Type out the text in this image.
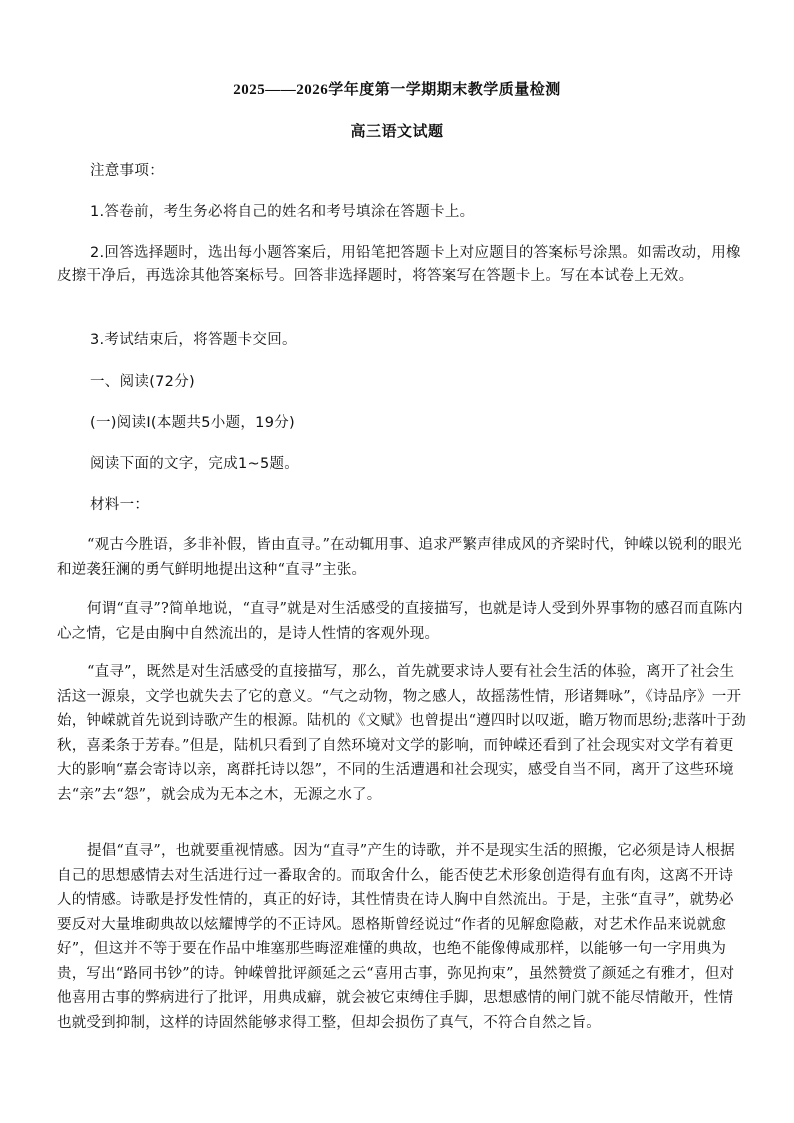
2025——2026学年度第一学期期末教学质量检测
高三语文试题

注意事项：

1.答卷前，考生务必将自己的姓名和考号填涂在答题卡上。

2.回答选择题时，选出每小题答案后，用铅笔把答题卡上对应题目的答案标号涂黑。如需改动，用橡皮擦干净后，再选涂其他答案标号。回答非选择题时，将答案写在答题卡上。写在本试卷上无效。

3.考试结束后，将答题卡交回。

一、阅读(72分)

(一)阅读Ⅰ(本题共5小题，19分)

阅读下面的文字，完成1~5题。

材料一：

“观古今胜语，多非补假，皆由直寻。”在动辄用事、追求严繁声律成风的齐梁时代，钟嵘以锐利的眼光和逆袭狂澜的勇气鲜明地提出这种“直寻”主张。

何谓“直寻”?简单地说，“直寻”就是对生活感受的直接描写，也就是诗人受到外界事物的感召而直陈内心之情，它是由胸中自然流出的，是诗人性情的客观外现。

“直寻”，既然是对生活感受的直接描写，那么，首先就要求诗人要有社会生活的体验，离开了社会生活这一源泉，文学也就失去了它的意义。“气之动物，物之感人，故摇荡性情，形诸舞咏”，《诗品序》一开始，钟嵘就首先说到诗歌产生的根源。陆机的《文赋》也曾提出“遵四时以叹逝，瞻万物而思纷;悲落叶于劲秋，喜柔条于芳春。”但是，陆机只看到了自然环境对文学的影响，而钟嵘还看到了社会现实对文学有着更大的影响“嘉会寄诗以亲，离群托诗以怨”，不同的生活遭遇和社会现实，感受自当不同，离开了这些环境去“亲”去“怨”，就会成为无本之木，无源之水了。

提倡“直寻”，也就要重视情感。因为“直寻”产生的诗歌，并不是现实生活的照搬，它必须是诗人根据自己的思想感情去对生活进行过一番取舍的。而取舍什么，能否使艺术形象创造得有血有肉，这离不开诗人的情感。诗歌是抒发性情的，真正的好诗，其性情贵在诗人胸中自然流出。于是，主张“直寻”，就势必要反对大量堆砌典故以炫耀博学的不正诗风。恩格斯曾经说过“作者的见解愈隐蔽，对艺术作品来说就愈好”，但这并不等于要在作品中堆塞那些晦涩难懂的典故，也绝不能像傅咸那样，以能够一句一字用典为贵，写出“路同书钞”的诗。钟嵘曾批评颜延之云“喜用古事，弥见拘束”，虽然赞赏了颜延之有雅才，但对他喜用古事的弊病进行了批评，用典成癖，就会被它束缚住手脚，思想感情的闸门就不能尽情敞开，性情也就受到抑制，这样的诗固然能够求得工整，但却会损伤了真气，不符合自然之旨。
